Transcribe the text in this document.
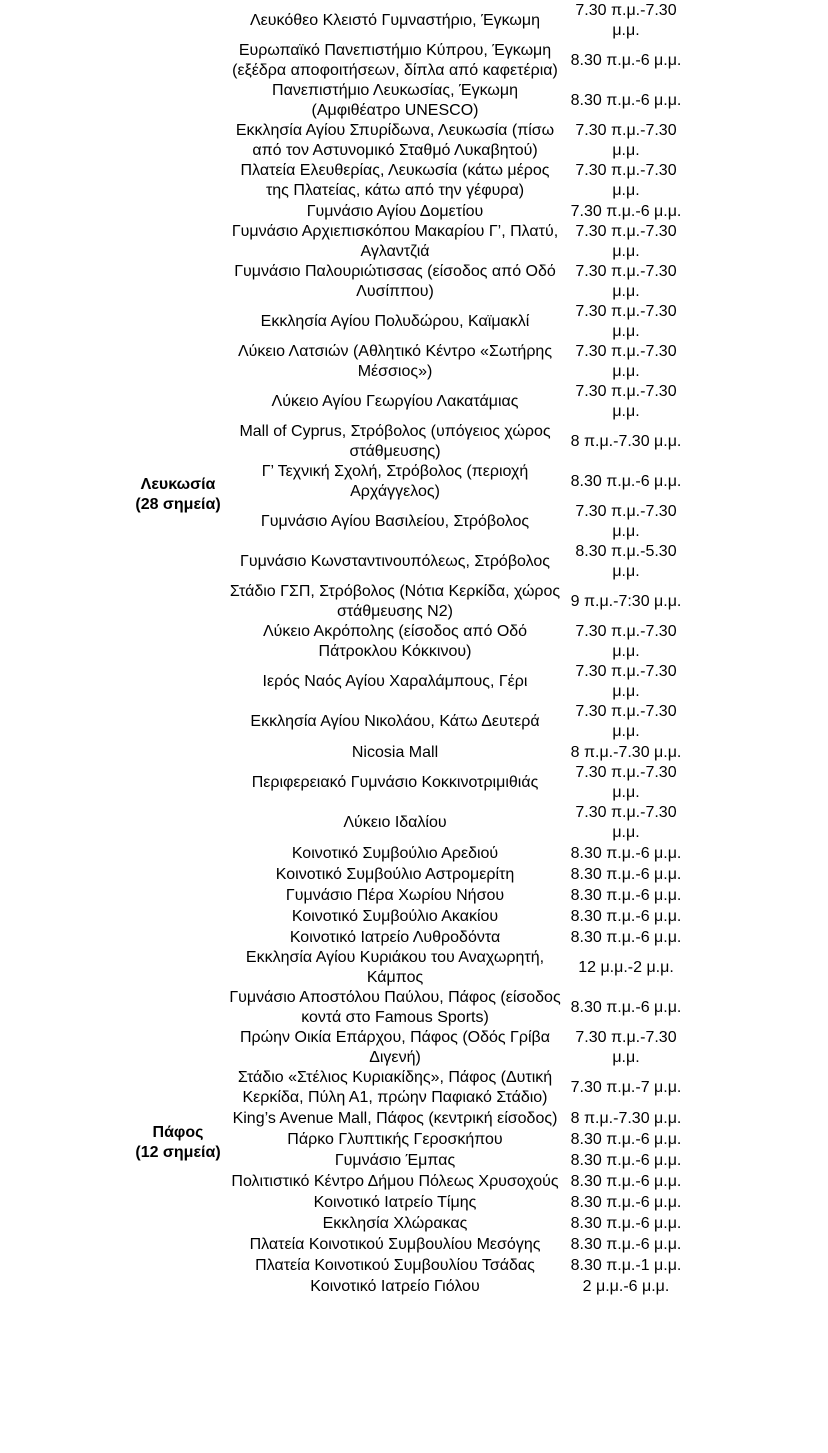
Λευκωσία
(28 σημεία)	Λευκόθεο Κλειστό Γυμναστήριο, Έγκωμη	7.30 π.μ.-7.30 μ.μ.
	Ευρωπαϊκό Πανεπιστήμιο Κύπρου, Έγκωμη (εξέδρα αποφοιτήσεων, δίπλα από καφετέρια)	8.30 π.μ.-6 μ.μ.
	Πανεπιστήμιο Λευκωσίας, Έγκωμη (Αμφιθέατρο UNESCO)	8.30 π.μ.-6 μ.μ.
	Εκκλησία Αγίου Σπυρίδωνα, Λευκωσία (πίσω από τον Αστυνομικό Σταθμό Λυκαβητού)	7.30 π.μ.-7.30 μ.μ.
	Πλατεία Ελευθερίας, Λευκωσία (κάτω μέρος της Πλατείας, κάτω από την γέφυρα)	7.30 π.μ.-7.30 μ.μ.
	Γυμνάσιο Αγίου Δομετίου	7.30 π.μ.-6 μ.μ.
	Γυμνάσιο Αρχιεπισκόπου Μακαρίου Γ’, Πλατύ, Αγλαντζιά	7.30 π.μ.-7.30 μ.μ.
	Γυμνάσιο Παλουριώτισσας (είσοδος από Οδό Λυσίππου)	7.30 π.μ.-7.30 μ.μ.
	Εκκλησία Αγίου Πολυδώρου, Καϊμακλί	7.30 π.μ.-7.30 μ.μ.
	Λύκειο Λατσιών (Αθλητικό Κέντρο «Σωτήρης Μέσσιος»)	7.30 π.μ.-7.30 μ.μ.
	Λύκειο Αγίου Γεωργίου Λακατάμιας	7.30 π.μ.-7.30 μ.μ.
	Mall of Cyprus, Στρόβολος (υπόγειος χώρος στάθμευσης)	8 π.μ.-7.30 μ.μ.
	Γ’ Τεχνική Σχολή, Στρόβολος (περιοχή Αρχάγγελος)	8.30 π.μ.-6 μ.μ.
	Γυμνάσιο Αγίου Βασιλείου, Στρόβολος	7.30 π.μ.-7.30 μ.μ.
	Γυμνάσιο Κωνσταντινουπόλεως, Στρόβολος	8.30 π.μ.-5.30 μ.μ.
	Στάδιο ΓΣΠ, Στρόβολος (Νότια Κερκίδα, χώρος στάθμευσης Ν2)	9 π.μ.-7:30 μ.μ.
	Λύκειο Ακρόπολης (είσοδος από Οδό Πάτροκλου Κόκκινου)	7.30 π.μ.-7.30 μ.μ.
	Ιερός Ναός Αγίου Χαραλάμπους, Γέρι	7.30 π.μ.-7.30 μ.μ.
	Εκκλησία Αγίου Νικολάου, Κάτω Δευτερά	7.30 π.μ.-7.30 μ.μ.
	Nicosia Mall	8 π.μ.-7.30 μ.μ.
	Περιφερειακό Γυμνάσιο Κοκκινοτριμιθιάς	7.30 π.μ.-7.30 μ.μ.
	Λύκειο Ιδαλίου	7.30 π.μ.-7.30 μ.μ.
	Κοινοτικό Συμβούλιο Αρεδιού	8.30 π.μ.-6 μ.μ.
	Κοινοτικό Συμβούλιο Αστρομερίτη	8.30 π.μ.-6 μ.μ.
	Γυμνάσιο Πέρα Χωρίου Νήσου	8.30 π.μ.-6 μ.μ.
	Κοινοτικό Συμβούλιο Ακακίου	8.30 π.μ.-6 μ.μ.
	Κοινοτικό Ιατρείο Λυθροδόντα	8.30 π.μ.-6 μ.μ.
	Εκκλησία Αγίου Κυριάκου του Αναχωρητή, Κάμπος	12 μ.μ.-2 μ.μ.

Πάφος
(12 σημεία)	Γυμνάσιο Αποστόλου Παύλου, Πάφος (είσοδος κοντά στο Famous Sports)	8.30 π.μ.-6 μ.μ.
	Πρώην Οικία Επάρχου, Πάφος (Οδός Γρίβα Διγενή)	7.30 π.μ.-7.30 μ.μ.
	Στάδιο «Στέλιος Κυριακίδης», Πάφος (Δυτική Κερκίδα, Πύλη Α1, πρώην Παφιακό Στάδιο)	7.30 π.μ.-7 μ.μ.
	King’s Avenue Mall, Πάφος (κεντρική είσοδος)	8 π.μ.-7.30 μ.μ.
	Πάρκο Γλυπτικής Γεροσκήπου	8.30 π.μ.-6 μ.μ.
	Γυμνάσιο Έμπας	8.30 π.μ.-6 μ.μ.
	Πολιτιστικό Κέντρο Δήμου Πόλεως Χρυσοχούς	8.30 π.μ.-6 μ.μ.
	Κοινοτικό Ιατρείο Τίμης	8.30 π.μ.-6 μ.μ.
	Εκκλησία Χλώρακας	8.30 π.μ.-6 μ.μ.
	Πλατεία Κοινοτικού Συμβουλίου Μεσόγης	8.30 π.μ.-6 μ.μ.
	Πλατεία Κοινοτικού Συμβουλίου Τσάδας	8.30 π.μ.-1 μ.μ.
	Κοινοτικό Ιατρείο Γιόλου	2 μ.μ.-6 μ.μ.
